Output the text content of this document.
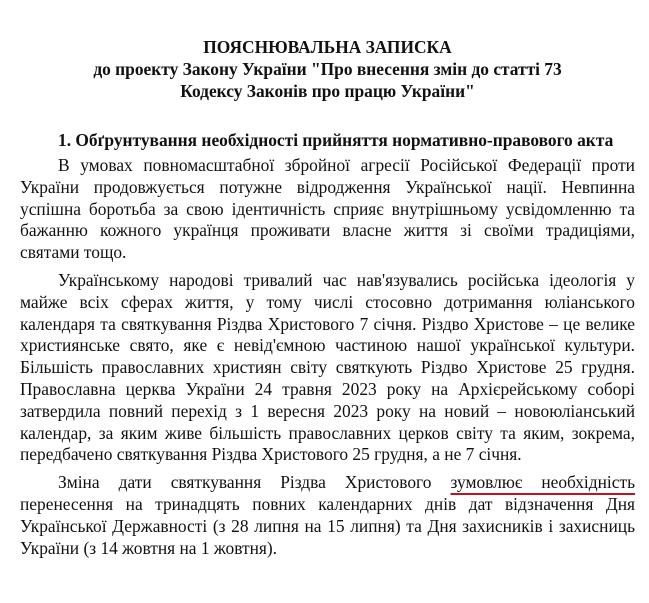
ПОЯСНЮВАЛЬНА ЗАПИСКА
до проекту Закону України "Про внесення змін до статті 73
Кодексу Законів про працю України"

1. Обґрунтування необхідності прийняття нормативно-правового акта

В умовах повномасштабної збройної агресії Російської Федерації проти України продовжується потужне відродження Української нації. Невпинна успішна боротьба за свою ідентичність сприяє внутрішньому усвідомленню та бажанню кожного українця проживати власне життя зі своїми традиціями, святами тощо.

Українському народові тривалий час нав'язувались російська ідеологія у майже всіх сферах життя, у тому числі стосовно дотримання юліанського календаря та святкування Різдва Христового 7 січня. Різдво Христове – це велике християнське свято, яке є невід'ємною частиною нашої української культури. Більшість православних християн світу святкують Різдво Христове 25 грудня. Православна церква України 24 травня 2023 року на Архієрейському соборі затвердила повний перехід з 1 вересня 2023 року на новий – новоюліанський календар, за яким живе більшість православних церков світу та яким, зокрема, передбачено святкування Різдва Христового 25 грудня, а не 7 січня.

Зміна дати святкування Різдва Христового зумовлює необхідність перенесення на тринадцять повних календарних днів дат відзначення Дня Української Державності (з 28 липня на 15 липня) та Дня захисників і захисниць України (з 14 жовтня на 1 жовтня).
